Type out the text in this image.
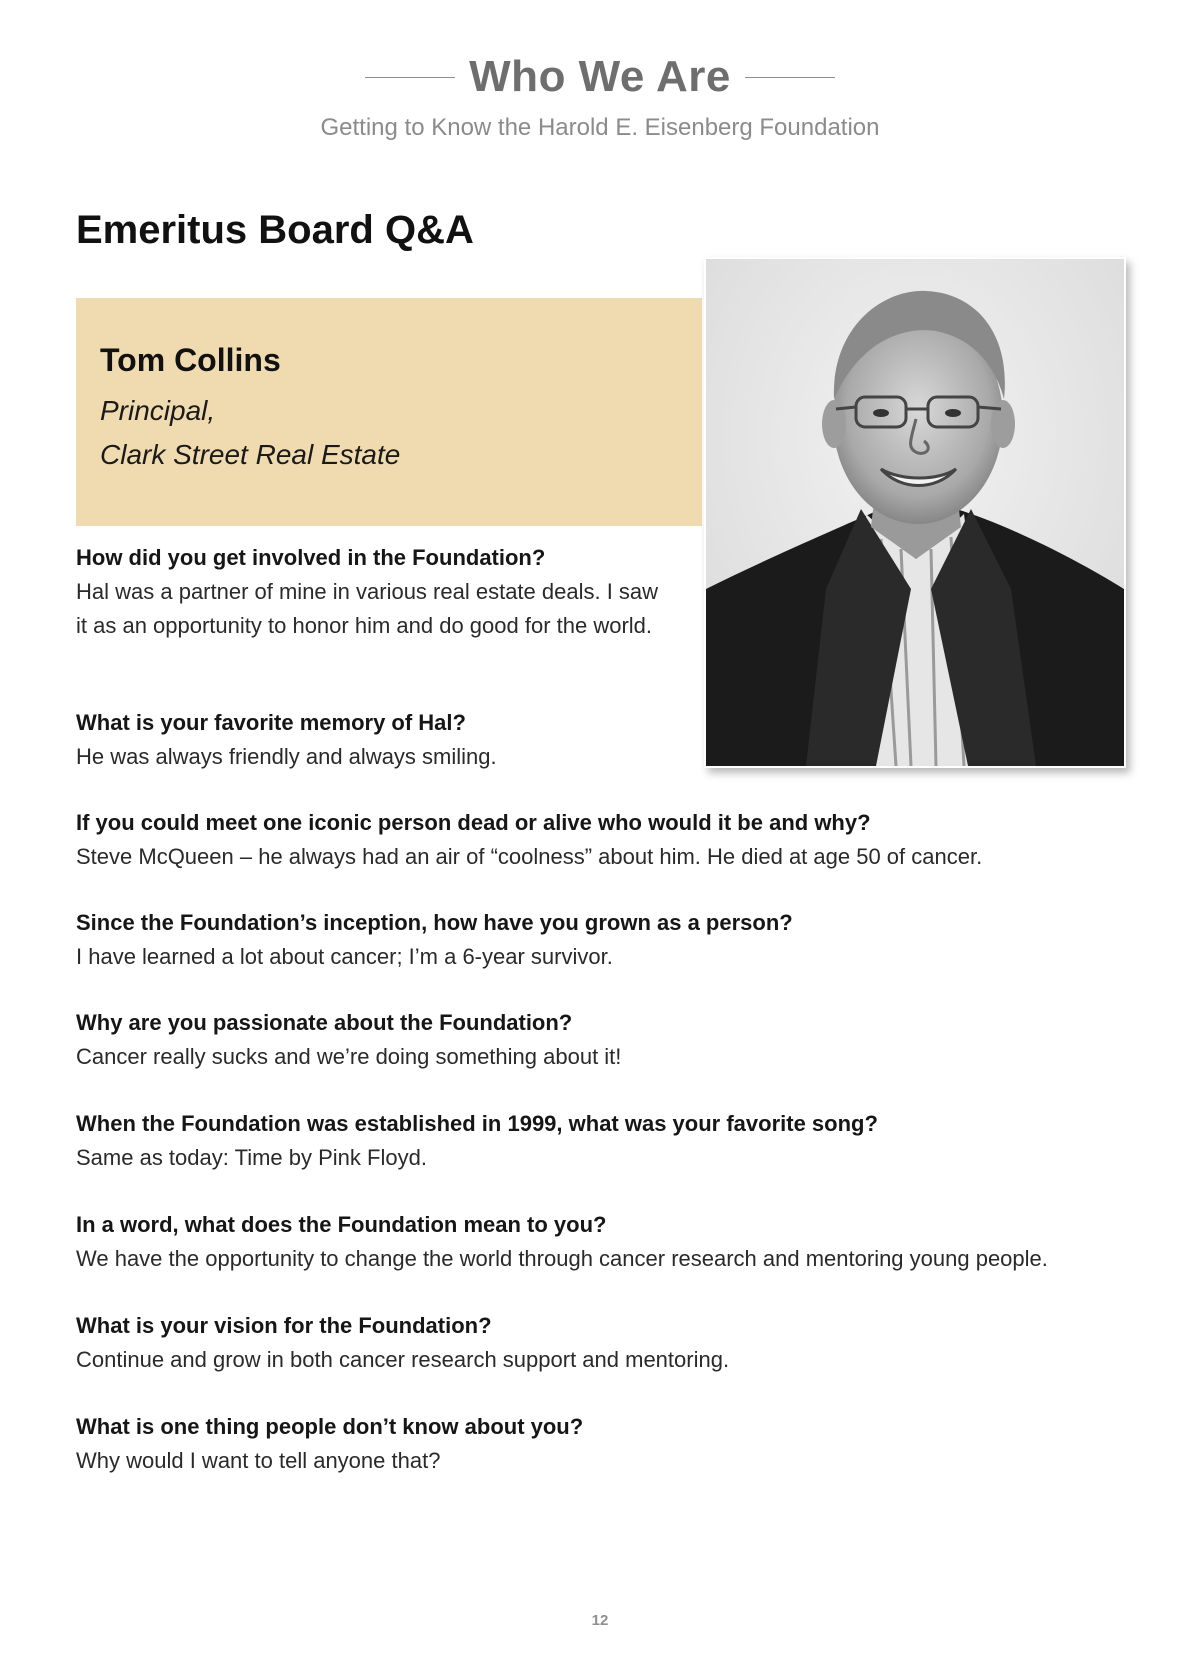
Who We Are
Getting to Know the Harold E. Eisenberg Foundation
Emeritus Board Q&A

Tom Collins

Principal,
Clark Street Real Estate

How did you get involved in the Foundation?

Hal was a partner of mine in various real estate deals. I saw it as an opportunity to honor him and do good for the world.

What is your favorite memory of Hal?

He was always friendly and always smiling.

If you could meet one iconic person dead or alive who would it be and why?

Steve McQueen – he always had an air of “coolness” about him. He died at age 50 of cancer.

Since the Foundation’s inception, how have you grown as a person?

I have learned a lot about cancer; I’m a 6-year survivor.

Why are you passionate about the Foundation?

Cancer really sucks and we’re doing something about it!

When the Foundation was established in 1999, what was your favorite song?

Same as today: Time by Pink Floyd.

In a word, what does the Foundation mean to you?

We have the opportunity to change the world through cancer research and mentoring young people.

What is your vision for the Foundation?

Continue and grow in both cancer research support and mentoring.

What is one thing people don’t know about you?

Why would I want to tell anyone that?

12
